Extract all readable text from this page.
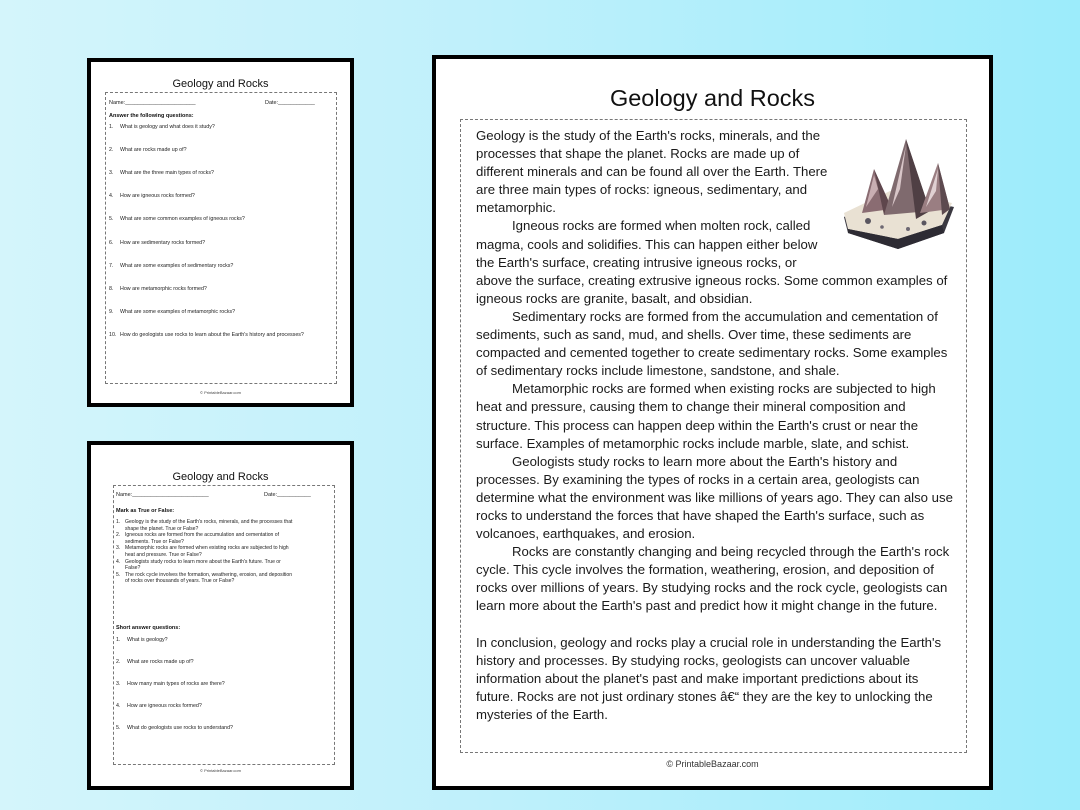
Geology and Rocks
Name:_______________________	Date:____________
Answer the following questions:
1. What is geology and what does it study?
2. What are rocks made up of?
3. What are the three main types of rocks?
4. How are igneous rocks formed?
5. What are some common examples of igneous rocks?
6. How are sedimentary rocks formed?
7. What are some examples of sedimentary rocks?
8. How are metamorphic rocks formed?
9. What are some examples of metamorphic rocks?
10. How do geologists use rocks to learn about the Earth's history and processes?
© PrintableBazaar.com
Geology and Rocks
Name:_________________________	Date:___________
Mark as True or False:
1. Geology is the study of the Earth's rocks, minerals, and the processes that
shape the planet. True or False?
2. Igneous rocks are formed from the accumulation and cementation of
sediments. True or False?
3. Metamorphic rocks are formed when existing rocks are subjected to high
heat and pressure. True or False?
4. Geologists study rocks to learn more about the Earth's future. True or
False?
5. The rock cycle involves the formation, weathering, erosion, and deposition
of rocks over thousands of years. True or False?
Short answer questions:
1. What is geology?
2. What are rocks made up of?
3. How many main types of rocks are there?
4. How are igneous rocks formed?
5. What do geologists use rocks to understand?
© PrintableBazaar.com
Geology and Rocks

Geology is the study of the Earth's rocks, minerals, and the processes that shape the planet. Rocks are made up of different minerals and can be found all over the Earth. There are three main types of rocks: igneous, sedimentary, and metamorphic.

Igneous rocks are formed when molten rock, called magma, cools and solidifies. This can happen either below the Earth's surface, creating intrusive igneous rocks, or above the surface, creating extrusive igneous rocks. Some common examples of igneous rocks are granite, basalt, and obsidian.

Sedimentary rocks are formed from the accumulation and cementation of sediments, such as sand, mud, and shells. Over time, these sediments are compacted and cemented together to create sedimentary rocks. Some examples of sedimentary rocks include limestone, sandstone, and shale.

Metamorphic rocks are formed when existing rocks are subjected to high heat and pressure, causing them to change their mineral composition and structure. This process can happen deep within the Earth's crust or near the surface. Examples of metamorphic rocks include marble, slate, and schist.

Geologists study rocks to learn more about the Earth's history and processes. By examining the types of rocks in a certain area, geologists can determine what the environment was like millions of years ago. They can also use rocks to understand the forces that have shaped the Earth's surface, such as volcanoes, earthquakes, and erosion.

Rocks are constantly changing and being recycled through the Earth's rock cycle. This cycle involves the formation, weathering, erosion, and deposition of rocks over millions of years. By studying rocks and the rock cycle, geologists can learn more about the Earth's past and predict how it might change in the future.

In conclusion, geology and rocks play a crucial role in understanding the Earth's history and processes. By studying rocks, geologists can uncover valuable information about the planet's past and make important predictions about its future. Rocks are not just ordinary stones â€“ they are the key to unlocking the mysteries of the Earth.

© PrintableBazaar.com
